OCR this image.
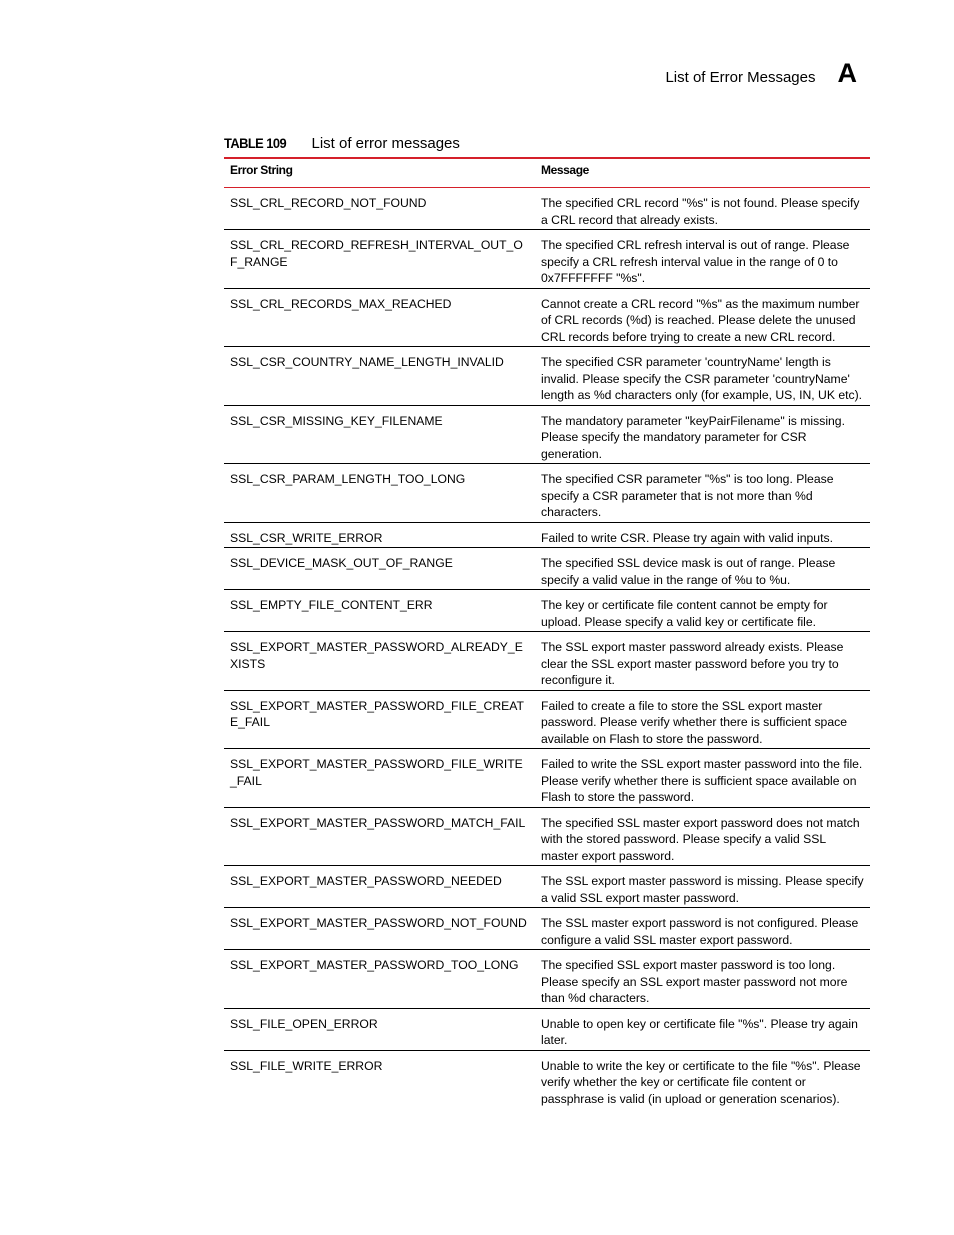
List of Error Messages A
TABLE 109 List of error messages
Error String	Message
SSL_CRL_RECORD_NOT_FOUND	The specified CRL record "%s" is not found. Please specify a CRL record that already exists.
SSL_CRL_RECORD_REFRESH_INTERVAL_OUT_OF_RANGE	The specified CRL refresh interval is out of range. Please specify a CRL refresh interval value in the range of 0 to 0x7FFFFFFF "%s".
SSL_CRL_RECORDS_MAX_REACHED	Cannot create a CRL record "%s" as the maximum number of CRL records (%d) is reached. Please delete the unused CRL records before trying to create a new CRL record.
SSL_CSR_COUNTRY_NAME_LENGTH_INVALID	The specified CSR parameter 'countryName' length is invalid. Please specify the CSR parameter 'countryName' length as %d characters only (for example, US, IN, UK etc).
SSL_CSR_MISSING_KEY_FILENAME	The mandatory parameter "keyPairFilename" is missing. Please specify the mandatory parameter for CSR generation.
SSL_CSR_PARAM_LENGTH_TOO_LONG	The specified CSR parameter "%s" is too long. Please specify a CSR parameter that is not more than %d characters.
SSL_CSR_WRITE_ERROR	Failed to write CSR. Please try again with valid inputs.
SSL_DEVICE_MASK_OUT_OF_RANGE	The specified SSL device mask is out of range. Please specify a valid value in the range of %u to %u.
SSL_EMPTY_FILE_CONTENT_ERR	The key or certificate file content cannot be empty for upload. Please specify a valid key or certificate file.
SSL_EXPORT_MASTER_PASSWORD_ALREADY_EXISTS	The SSL export master password already exists. Please clear the SSL export master password before you try to reconfigure it.
SSL_EXPORT_MASTER_PASSWORD_FILE_CREATE_FAIL	Failed to create a file to store the SSL export master password. Please verify whether there is sufficient space available on Flash to store the password.
SSL_EXPORT_MASTER_PASSWORD_FILE_WRITE_FAIL	Failed to write the SSL export master password into the file. Please verify whether there is sufficient space available on Flash to store the password.
SSL_EXPORT_MASTER_PASSWORD_MATCH_FAIL	The specified SSL master export password does not match with the stored password. Please specify a valid SSL master export password.
SSL_EXPORT_MASTER_PASSWORD_NEEDED	The SSL export master password is missing. Please specify a valid SSL export master password.
SSL_EXPORT_MASTER_PASSWORD_NOT_FOUND	The SSL master export password is not configured. Please configure a valid SSL master export password.
SSL_EXPORT_MASTER_PASSWORD_TOO_LONG	The specified SSL export master password is too long. Please specify an SSL export master password not more than %d characters.
SSL_FILE_OPEN_ERROR	Unable to open key or certificate file "%s". Please try again later.
SSL_FILE_WRITE_ERROR	Unable to write the key or certificate to the file "%s". Please verify whether the key or certificate file content or passphrase is valid (in upload or generation scenarios).
